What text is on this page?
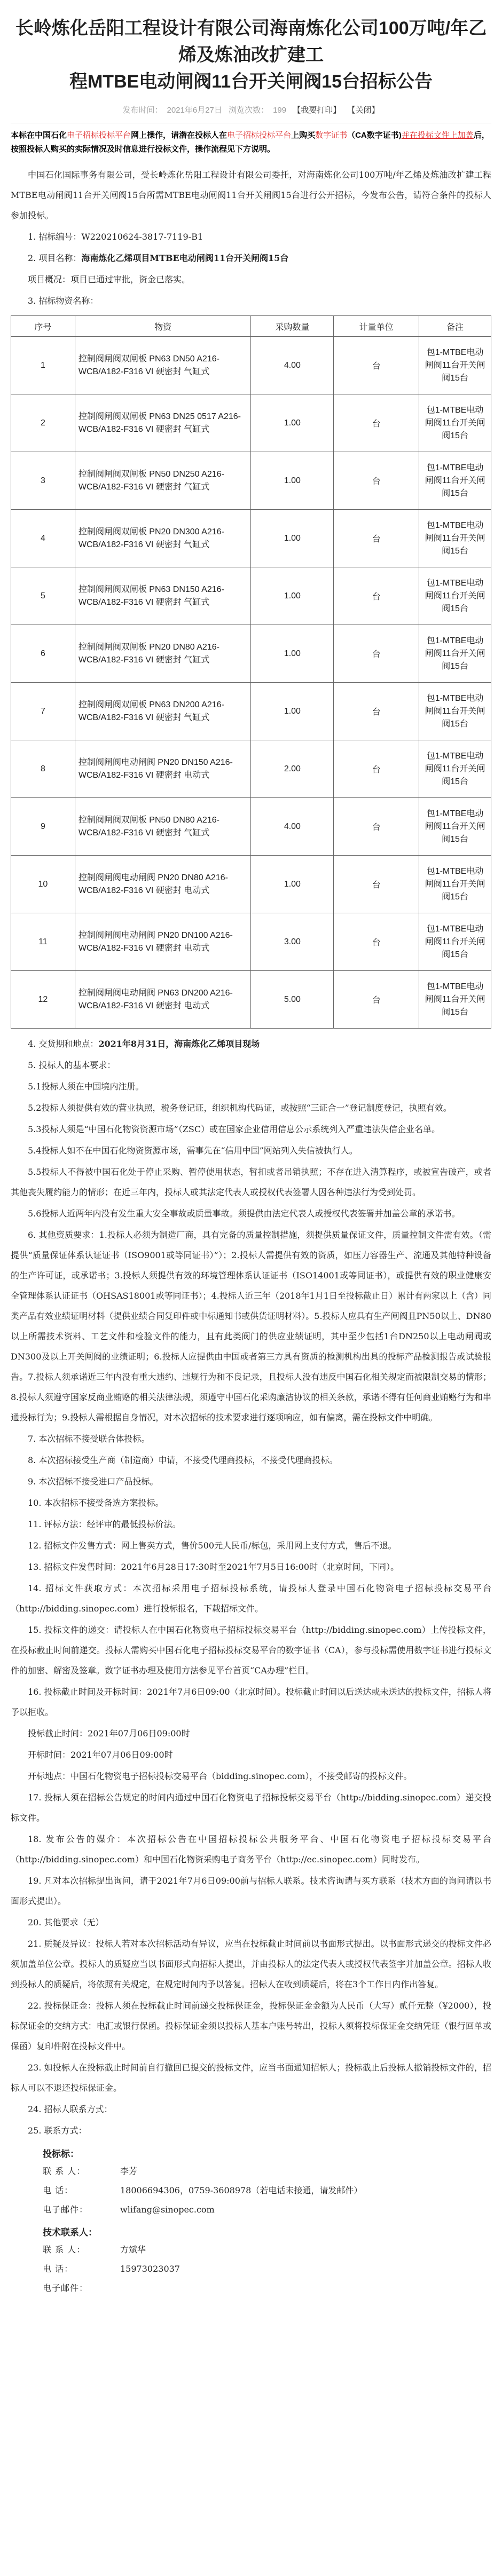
长岭炼化岳阳工程设计有限公司海南炼化公司100万吨/年乙烯及炼油改扩建工
程MTBE电动闸阀11台开关闸阀15台招标公告
发布时间： 2021年6月27日 浏览次数： 199 【我要打印】 【关闭】
本标在中国石化电子招标投标平台网上操作，请潜在投标人在电子招标投标平台上购买数字证书（CA数字证书)并在投标文件上加盖后，按照投标人购买的实际情况及时信息进行投标文件，操作流程见下方说明。

中国石化国际事务有限公司，受长岭炼化岳阳工程设计有限公司委托，对海南炼化公司100万吨/年乙烯及炼油改扩建工程MTBE电动闸阀11台开关闸阀15台所需MTBE电动闸阀11台开关闸阀15台进行公开招标，今发布公告，请符合条件的投标人参加投标。

1. 招标编号：W220210624-3817-7119-B1

2. 项目名称：海南炼化乙烯项目MTBE电动闸阀11台开关闸阀15台

项目概况：项目已通过审批，资金已落实。

3. 招标物资名称：

序号	物资	采购数量	计量单位	备注
1	控制阀闸阀双闸板 PN63 DN50 A216-WCB/A182-F316 VI 硬密封 气缸式	4.00	台	包1-MTBE电动闸阀11台开关闸阀15台
2	控制阀闸阀双闸板 PN63 DN25 0517 A216-WCB/A182-F316 VI 硬密封 气缸式	1.00	台	包1-MTBE电动闸阀11台开关闸阀15台
3	控制阀闸阀双闸板 PN50 DN250 A216-WCB/A182-F316 VI 硬密封 气缸式	1.00	台	包1-MTBE电动闸阀11台开关闸阀15台
4	控制阀闸阀双闸板 PN20 DN300 A216-WCB/A182-F316 VI 硬密封 气缸式	1.00	台	包1-MTBE电动闸阀11台开关闸阀15台
5	控制阀闸阀双闸板 PN63 DN150 A216-WCB/A182-F316 VI 硬密封 气缸式	1.00	台	包1-MTBE电动闸阀11台开关闸阀15台
6	控制阀闸阀双闸板 PN20 DN80 A216-WCB/A182-F316 VI 硬密封 气缸式	1.00	台	包1-MTBE电动闸阀11台开关闸阀15台
7	控制阀闸阀双闸板 PN63 DN200 A216-WCB/A182-F316 VI 硬密封 气缸式	1.00	台	包1-MTBE电动闸阀11台开关闸阀15台
8	控制阀闸阀电动闸阀 PN20 DN150 A216-WCB/A182-F316 VI 硬密封 电动式	2.00	台	包1-MTBE电动闸阀11台开关闸阀15台
9	控制阀闸阀双闸板 PN50 DN80 A216-WCB/A182-F316 VI 硬密封 气缸式	4.00	台	包1-MTBE电动闸阀11台开关闸阀15台
10	控制阀闸阀电动闸阀 PN20 DN80 A216-WCB/A182-F316 VI 硬密封 电动式	1.00	台	包1-MTBE电动闸阀11台开关闸阀15台
11	控制阀闸阀电动闸阀 PN20 DN100 A216-WCB/A182-F316 VI 硬密封 电动式	3.00	台	包1-MTBE电动闸阀11台开关闸阀15台
12	控制阀闸阀电动闸阀 PN63 DN200 A216-WCB/A182-F316 VI 硬密封 电动式	5.00	台	包1-MTBE电动闸阀11台开关闸阀15台

4. 交货期和地点：2021年8月31日，海南炼化乙烯项目现场

5. 投标人的基本要求：

5.1投标人须在中国境内注册。

5.2投标人须提供有效的营业执照，税务登记证，组织机构代码证，或按照“三证合一”登记制度登记，执照有效。

5.3投标人须是“中国石化物资资源市场”（ZSC）或在国家企业信用信息公示系统列入严重违法失信企业名单。

5.4投标人如不在中国石化物资资源市场，需事先在“信用中国”网站列入失信被执行人。

5.5投标人不得被中国石化处于停止采购、暂停使用状态，暂扣或者吊销执照；不存在进入清算程序，或被宣告破产，或者其他丧失履约能力的情形；在近三年内，投标人或其法定代表人或授权代表签署人因各种违法行为受到处罚。

5.6投标人近两年内没有发生重大安全事故或质量事故。须提供由法定代表人或授权代表签署并加盖公章的承诺书。

6. 其他资质要求：1.投标人必须为制造厂商，具有完备的质量控制措施，须提供质量保证文件，质量控制文件需有效。（需提供“质量保证体系认证证书（ISO9001或等同证书）”）；2.投标人需提供有效的资质，如压力容器生产、流通及其他特种设备的生产许可证，或承诺书；3.投标人须提供有效的环境管理体系认证证书（ISO14001或等同证书），或提供有效的职业健康安全管理体系认证证书（OHSAS18001或等同证书）；4.投标人近三年（2018年1月1日至投标截止日）累计有两家以上（含）同类产品有效业绩证明材料（提供业绩合同复印件或中标通知书或供货证明材料）。5.投标人应具有生产闸阀且PN50以上、DN80以上所需技术资料、工艺文件和检验文件的能力，且有此类阀门的供应业绩证明，其中至少包括1台DN250以上电动闸阀或DN300及以上开关闸阀的业绩证明；6.投标人应提供由中国或者第三方具有资质的检测机构出具的投标产品检测报告或试验报告。7.投标人须承诺近三年内没有重大违约、违规行为和不良记录，且投标人没有违反中国石化相关规定而被限制交易的情形；8.投标人须遵守国家反商业贿赂的相关法律法规，须遵守中国石化采购廉洁协议的相关条款，承诺不得有任何商业贿赂行为和串通投标行为；9.投标人需根据自身情况，对本次招标的技术要求进行逐项响应，如有偏离，需在投标文件中明确。

7. 本次招标不接受联合体投标。

8. 本次招标接受生产商（制造商）申请，不接受代理商投标，不接受代理商投标。

9. 本次招标不接受进口产品投标。

10. 本次招标不接受备选方案投标。

11. 评标方法：经评审的最低投标价法。

12. 招标文件发售方式：网上售卖方式，售价500元人民币/标包，采用网上支付方式，售后不退。

13. 招标文件发售时间：2021年6月28日17:30时至2021年7月5日16:00时（北京时间，下同）。

14. 招标文件获取方式：本次招标采用电子招标投标系统，请投标人登录中国石化物资电子招标投标交易平台（http://bidding.sinopec.com）进行投标报名，下载招标文件。

15. 投标文件的递交：请投标人在中国石化物资电子招标投标交易平台（http://bidding.sinopec.com）上传投标文件，在投标截止时间前递交。投标人需购买中国石化电子招标投标交易平台的数字证书（CA），参与投标需使用数字证书进行投标文件的加密、解密及签章。数字证书办理及使用方法参见平台首页“CA办理”栏目。

16. 投标截止时间及开标时间：2021年7月6日09:00（北京时间）。投标截止时间以后送达或未送达的投标文件，招标人将予以拒收。

投标截止时间：2021年07月06日09:00时

开标时间：2021年07月06日09:00时

开标地点：中国石化物资电子招标投标交易平台（bidding.sinopec.com），不接受邮寄的投标文件。

17. 投标人须在招标公告规定的时间内通过中国石化物资电子招标投标交易平台（http://bidding.sinopec.com）递交投标文件。

18. 发布公告的媒介：本次招标公告在中国招标投标公共服务平台、中国石化物资电子招标投标交易平台（http://bidding.sinopec.com）和中国石化物资采购电子商务平台（http://ec.sinopec.com）同时发布。

19. 凡对本次招标提出询问，请于2021年7月6日09:00前与招标人联系。技术咨询请与买方联系（技术方面的询问请以书面形式提出）。

20. 其他要求（无）

21. 质疑及异议：投标人若对本次招标活动有异议，应当在投标截止时间前以书面形式提出。以书面形式递交的投标文件必须加盖单位公章。投标人的质疑应当以书面形式向招标人提出，并由投标人的法定代表人或授权代表签字并加盖公章。招标人收到投标人的质疑后，将依照有关规定，在规定时间内予以答复。招标人在收到质疑后，将在3个工作日内作出答复。

22. 投标保证金：投标人须在投标截止时间前递交投标保证金，投标保证金金额为人民币（大写）贰仟元整（¥2000），投标保证金的交纳方式：电汇或银行保函。投标保证金须以投标人基本户账号转出，投标人须将投标保证金交纳凭证（银行回单或保函）复印件附在投标文件中。

23. 如投标人在投标截止时间前自行撤回已提交的投标文件，应当书面通知招标人；投标截止后投标人撤销投标文件的，招标人可以不退还投标保证金。

24. 招标人联系方式：

25. 联系方式：

投标标：
联 系 人：	李芳
电 话：	18006694306，0759-3608978（若电话未接通，请发邮件）
电子邮件：	wlifang@sinopec.com
技术联系人：
联 系 人：	方斌华
电 话：	15973023037
电子邮件：
